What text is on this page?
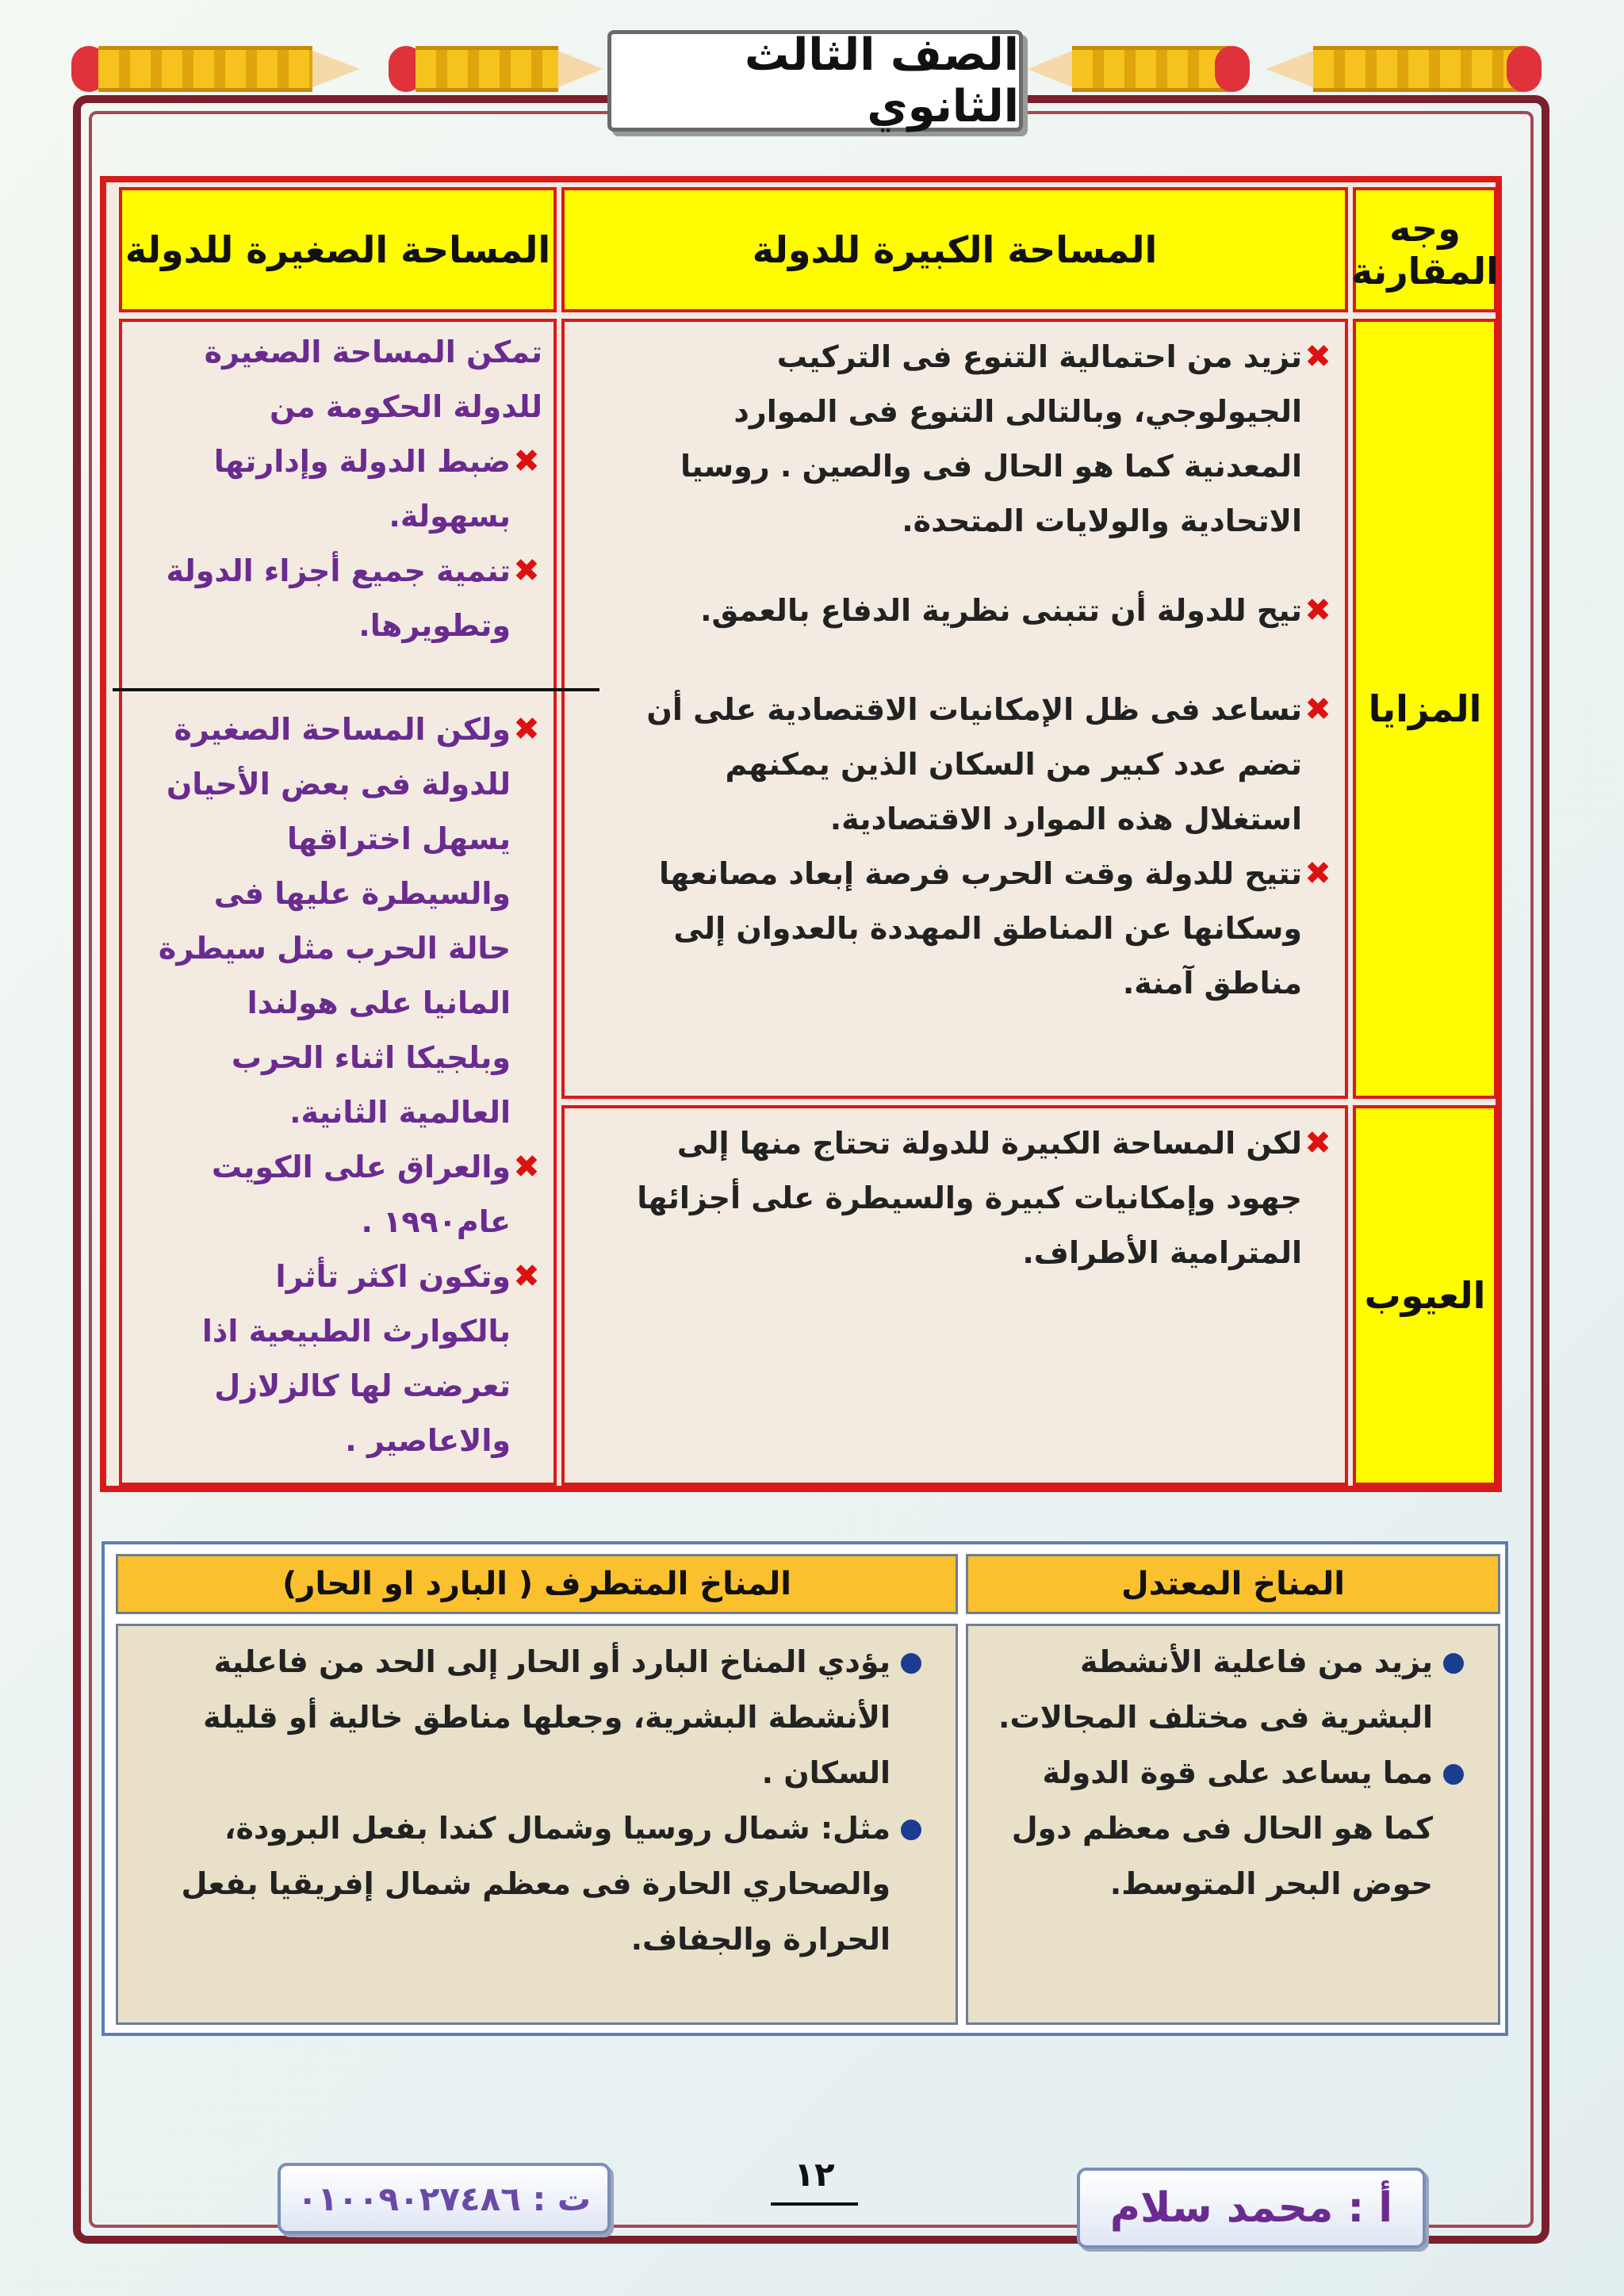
الصف الثالث الثانوي
وجه المقارنة
المساحة الكبيرة للدولة
المساحة الصغيرة للدولة
المزايا
العيوب
✖
تزيد من احتمالية التنوع فى التركيب الجيولوجي، وبالتالى التنوع فى الموارد المعدنية كما هو الحال فى والصين . روسيا الاتحادية والولايات المتحدة.
✖
تيح للدولة أن تتبنى نظرية الدفاع بالعمق.
✖
تساعد فى ظل الإمكانيات الاقتصادية على أن تضم عدد كبير من السكان الذين يمكنهم استغلال هذه الموارد الاقتصادية.
✖
تتيح للدولة وقت الحرب فرصة إبعاد مصانعها وسكانها عن المناطق المهددة بالعدوان إلى مناطق آمنة.
✖
لكن المساحة الكبيرة للدولة تحتاج منها إلى جهود وإمكانيات كبيرة والسيطرة على أجزائها المترامية الأطراف.
تمكن المساحة الصغيرة للدولة الحكومة من
✖
ضبط الدولة وإدارتها بسهولة.
✖
تنمية جميع أجزاء الدولة وتطويرها.
✖
ولكن المساحة الصغيرة للدولة فى بعض الأحيان يسهل اختراقها والسيطرة عليها فى حالة الحرب مثل سيطرة المانيا على هولندا وبلجيكا اثناء الحرب العالمية الثانية.
✖
والعراق على الكويت عام١٩٩٠ .
✖
وتكون اكثر تأثرا بالكوارث الطبيعية اذا تعرضت لها كالزلازل والاعاصير .
المناخ المعتدل
المناخ المتطرف ( البارد او الحار)
●
يزيد من فاعلية الأنشطة البشرية فى مختلف المجالات.
●
مما يساعد على قوة الدولة كما هو الحال فى معظم دول حوض البحر المتوسط.
●
يؤدي المناخ البارد أو الحار إلى الحد من فاعلية الأنشطة البشرية، وجعلها مناطق خالية أو قليلة السكان .
●
مثل: شمال روسيا وشمال كندا بفعل البرودة، والصحاري الحارة فى معظم شمال إفريقيا بفعل الحرارة والجفاف.
ت : ٠١٠٠٩٠٢٧٤٨٦
١٢
أ : محمد سلام
